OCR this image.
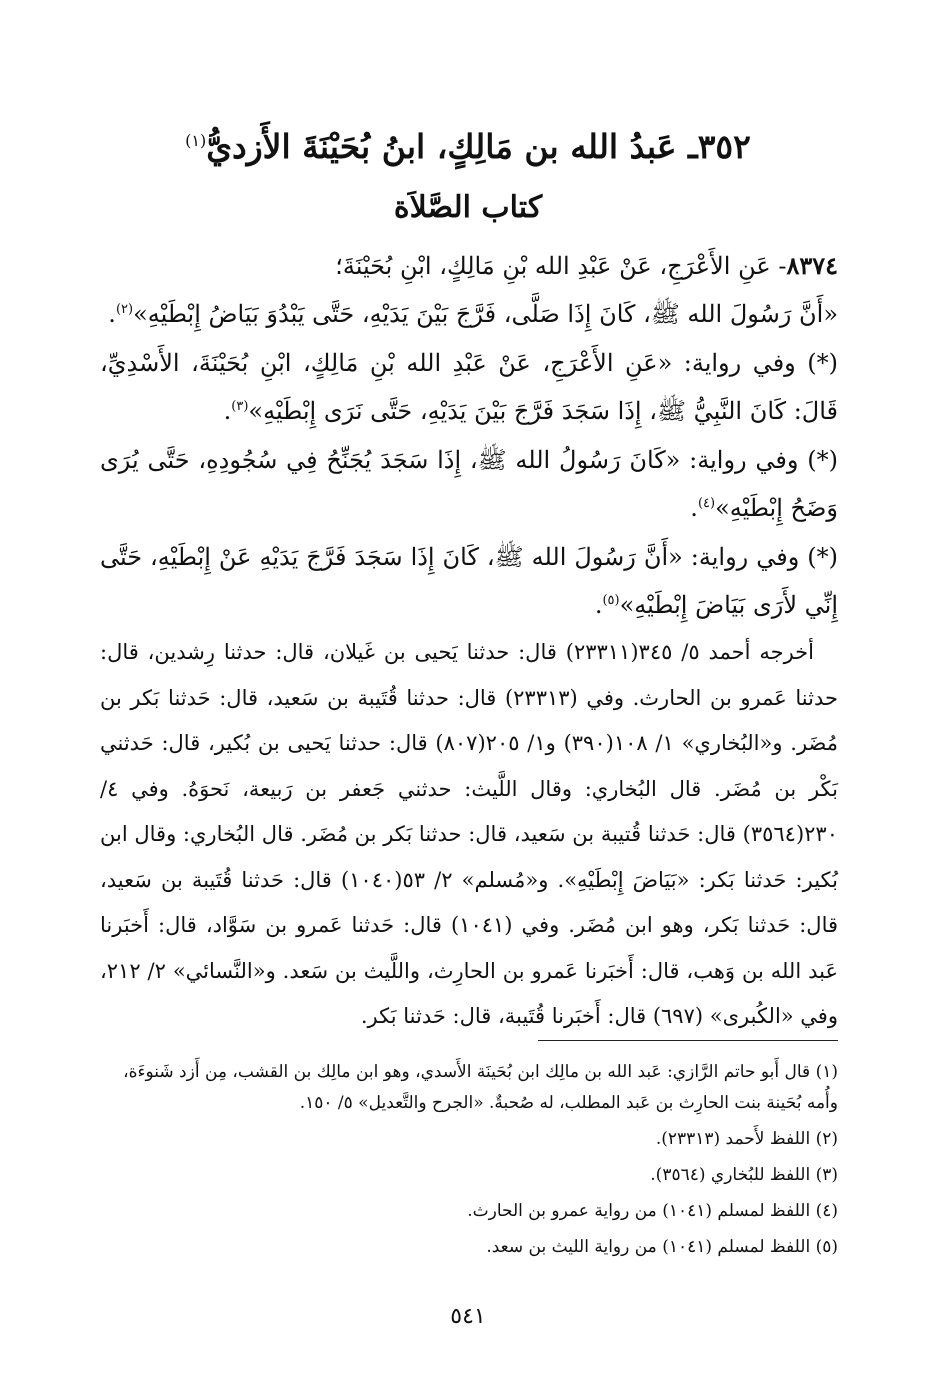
٣٥٢ـ عَبدُ الله بن مَالِكٍ، ابنُ بُحَيْنَةَ الأَزديُّ$^{(١)}$
كتاب الصَّلاَة

٨٣٧٤- عَنِ الأَعْرَجِ، عَنْ عَبْدِ الله بْنِ مَالِكٍ، ابْنِ بُحَيْنَةَ؛
«أَنَّ رَسُولَ الله ﷺ، كَانَ إِذَا صَلَّى، فَرَّجَ بَيْنَ يَدَيْهِ، حَتَّى يَبْدُوَ بَيَاضُ إِبْطَيْهِ»$^{(٢)}$.

(*) وفي رواية: «عَنِ الأَعْرَجِ، عَنْ عَبْدِ الله بْنِ مَالِكٍ، ابْنِ بُحَيْنَةَ، الأَسْدِيِّ، قَالَ: كَانَ النَّبِيُّ ﷺ، إِذَا سَجَدَ فَرَّجَ بَيْنَ يَدَيْهِ، حَتَّى نَرَى إِبْطَيْهِ»$^{(٣)}$.

(*) وفي رواية: «كَانَ رَسُولُ الله ﷺ، إِذَا سَجَدَ يُجَنِّحُ فِي سُجُودِهِ، حَتَّى يُرَى وَضَحُ إِبْطَيْهِ»$^{(٤)}$.

(*) وفي رواية: «أَنَّ رَسُولَ الله ﷺ، كَانَ إِذَا سَجَدَ فَرَّجَ يَدَيْهِ عَنْ إِبْطَيْهِ، حَتَّى إِنِّي لأَرَى بَيَاضَ إِبْطَيْهِ»$^{(٥)}$.

أخرجه أحمد ٥/ ٣٤٥(٢٣٣١١) قال: حدثنا يَحيى بن غَيلان، قال: حدثنا رِشدين، قال: حدثنا عَمرو بن الحارث. وفي (٢٣٣١٣) قال: حدثنا قُتَيبة بن سَعيد، قال: حَدثنا بَكر بن مُضَر. و«البُخاري» ١/ ١٠٨(٣٩٠) و١/ ٢٠٥(٨٠٧) قال: حدثنا يَحيى بن بُكير، قال: حَدثني بَكْر بن مُضَر. قال البُخاري: وقال اللَّيث: حدثني جَعفر بن رَبيعة، نَحوَهُ. وفي ٤/ ٢٣٠(٣٥٦٤) قال: حَدثنا قُتيبة بن سَعيد، قال: حدثنا بَكر بن مُضَر. قال البُخاري: وقال ابن بُكير: حَدثنا بَكر: «بَيَاضَ إِبْطَيْهِ». و«مُسلم» ٢/ ٥٣(١٠٤٠) قال: حَدثنا قُتَيبة بن سَعيد، قال: حَدثنا بَكر، وهو ابن مُضَر. وفي (١٠٤١) قال: حَدثنا عَمرو بن سَوَّاد، قال: أَخبَرنا عَبد الله بن وَهب، قال: أَخبَرنا عَمرو بن الحارِث، واللَّيث بن سَعد. و«النَّسائي» ٢/ ٢١٢، وفي «الكُبرى» (٦٩٧) قال: أَخبَرنا قُتَيبة، قال: حَدثنا بَكر.

(١) قال أَبو حاتم الرَّازي: عَبد الله بن مالِك ابن بُحَينَة الأَسدي، وهو ابن مالِك بن القشب، مِن أَزد شَنوءَة، وأُمه بُحَينة بنت الحارِث بن عَبد المطلب، له صُحبةٌ. «الجرح والتَّعديل» ٥/ ١٥٠.

(٢) اللفظ لأَحمد (٢٣٣١٣).

(٣) اللفظ للبُخاري (٣٥٦٤).

(٤) اللفظ لمسلم (١٠٤١) من رواية عمرو بن الحارث.

(٥) اللفظ لمسلم (١٠٤١) من رواية الليث بن سعد.

٥٤١
